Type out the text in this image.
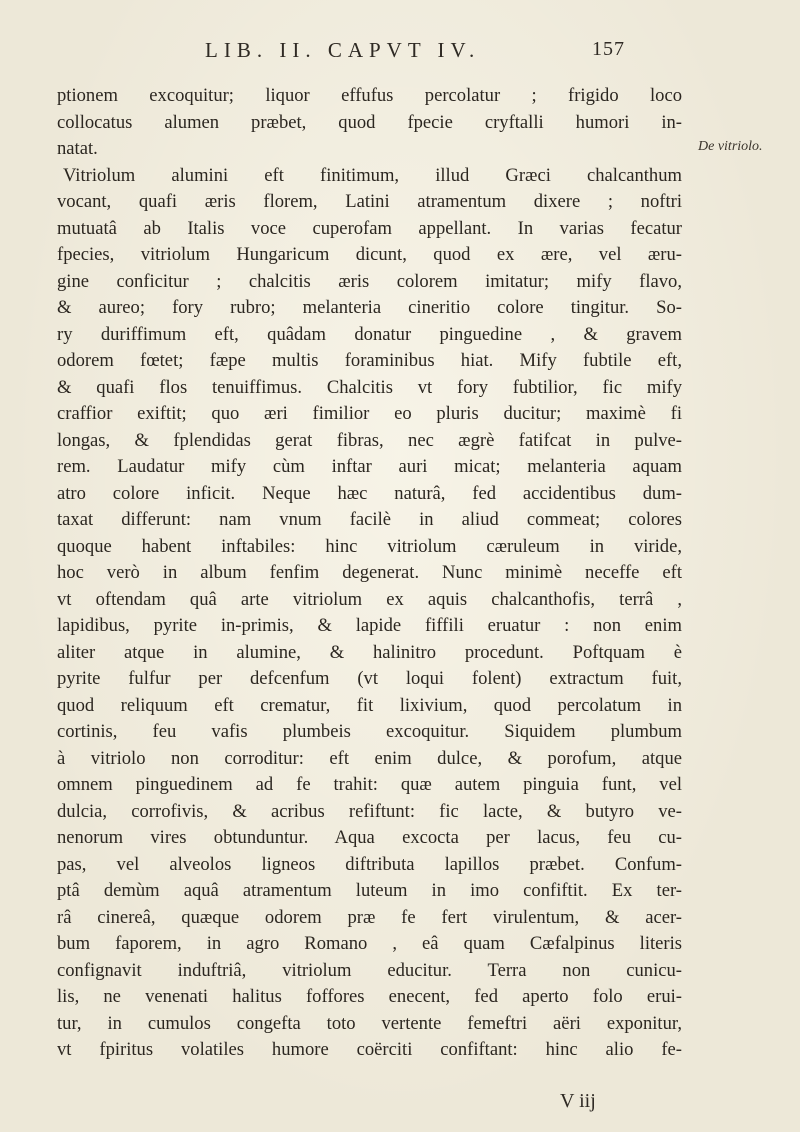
LIB. II. CAPVT IV.	157
De vitriolo.
ptionem excoquitur; liquor effufus percolatur ; frigido loco
collocatus alumen præbet, quod fpecie cryftalli humori in-
natat.
Vitriolum alumini eft finitimum, illud Græci chalcanthum
vocant, quafi æris florem, Latini atramentum dixere ; noftri
mutuatâ ab Italis voce cuperofam appellant. In varias fecatur
fpecies, vitriolum Hungaricum dicunt, quod ex ære, vel æru-
gine conficitur ; chalcitis æris colorem imitatur; mify flavo,
& aureo; fory rubro; melanteria cineritio colore tingitur. So-
ry duriffimum eft, quâdam donatur pinguedine , & gravem
odorem fœtet; fæpe multis foraminibus hiat. Mify fubtile eft,
& quafi flos tenuiffimus. Chalcitis vt fory fubtilior, fic mify
craffior exiftit; quo æri fimilior eo pluris ducitur; maximè fi
longas, & fplendidas gerat fibras, nec ægrè fatifcat in pulve-
rem. Laudatur mify cùm inftar auri micat; melanteria aquam
atro colore inficit. Neque hæc naturâ, fed accidentibus dum-
taxat differunt: nam vnum facilè in aliud commeat; colores
quoque habent inftabiles: hinc vitriolum cæruleum in viride,
hoc verò in album fenfim degenerat. Nunc minimè neceffe eft
vt oftendam quâ arte vitriolum ex aquis chalcanthofis, terrâ ,
lapidibus, pyrite in-primis, & lapide fiffili eruatur : non enim
aliter atque in alumine, & halinitro procedunt. Poftquam è
pyrite fulfur per defcenfum (vt loqui folent) extractum fuit,
quod reliquum eft crematur, fit lixivium, quod percolatum in
cortinis, feu vafis plumbeis excoquitur. Siquidem plumbum
à vitriolo non corroditur: eft enim dulce, & porofum, atque
omnem pinguedinem ad fe trahit: quæ autem pinguia funt, vel
dulcia, corrofivis, & acribus refiftunt: fic lacte, & butyro ve-
nenorum vires obtunduntur. Aqua excocta per lacus, feu cu-
pas, vel alveolos ligneos diftributa lapillos præbet. Confum-
ptâ demùm aquâ atramentum luteum in imo confiftit. Ex ter-
râ cinereâ, quæque odorem præ fe fert virulentum, & acer-
bum faporem, in agro Romano , eâ quam Cæfalpinus literis
confignavit induftriâ, vitriolum educitur. Terra non cunicu-
lis, ne venenati halitus foffores enecent, fed aperto folo erui-
tur, in cumulos congefta toto vertente femeftri aëri exponitur,
vt fpiritus volatiles humore coërciti confiftant: hinc alio fe-
V iij
